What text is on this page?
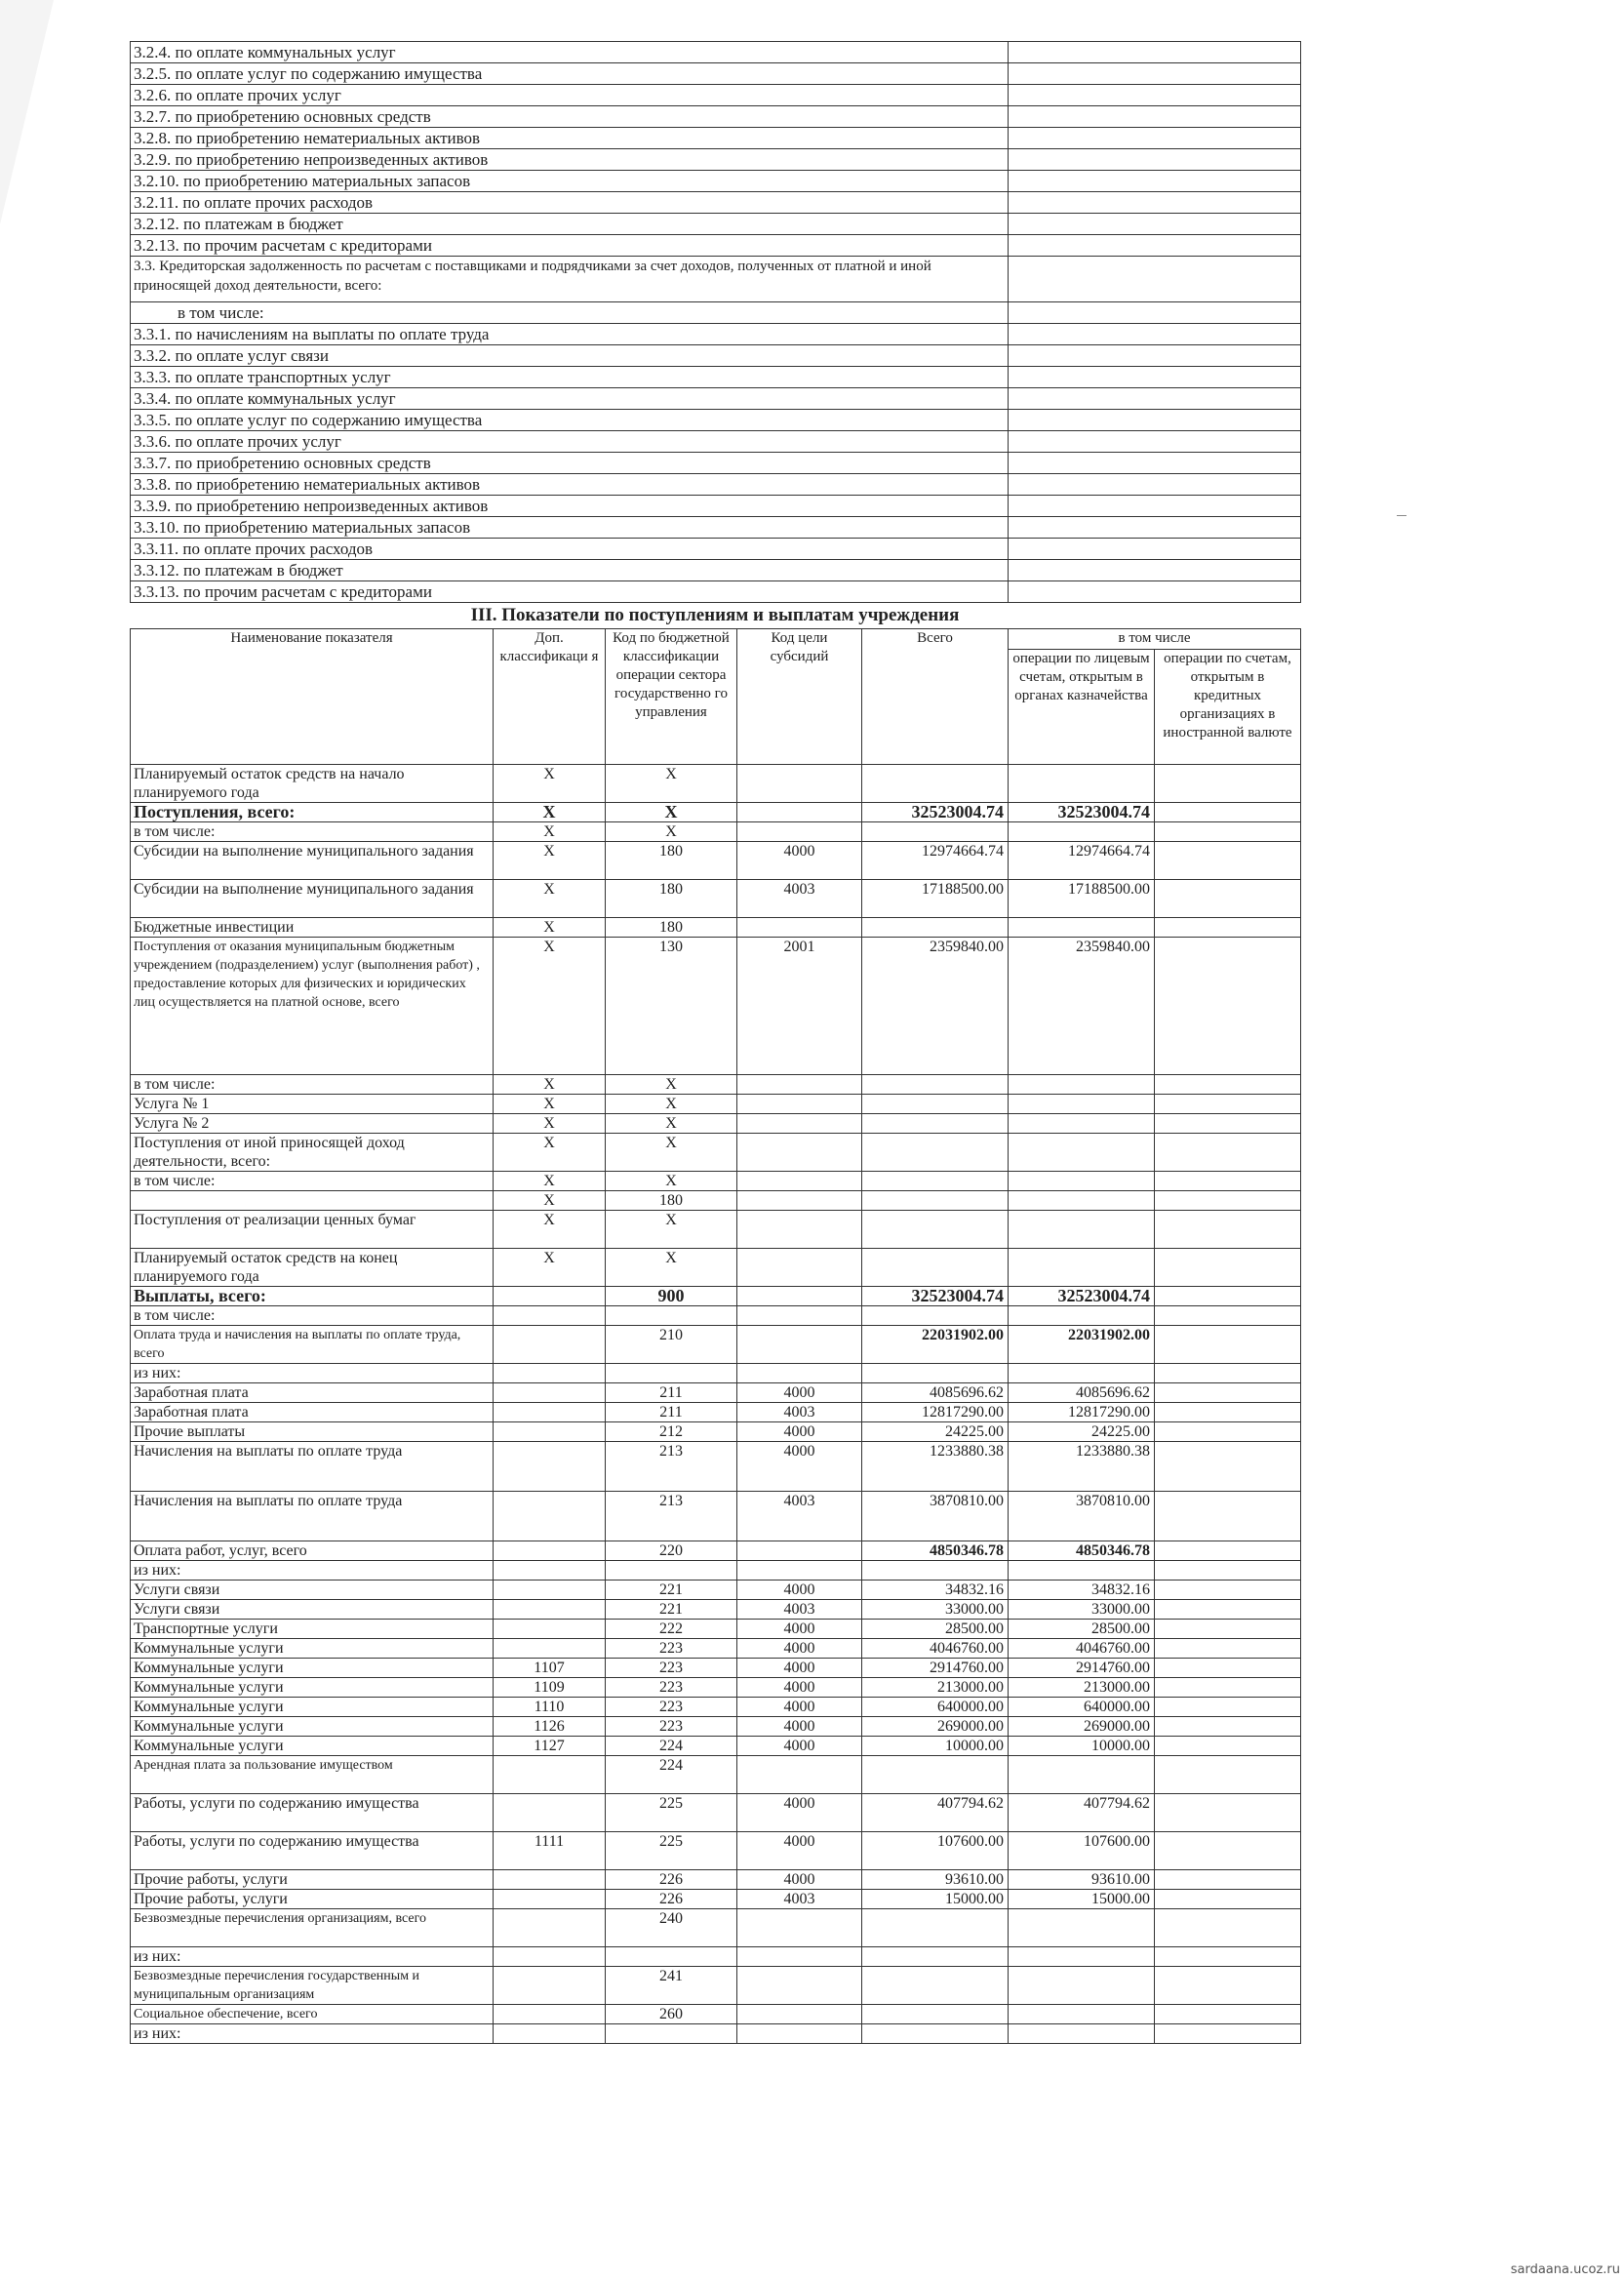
3.2.4. по оплате коммунальных услуг	
3.2.5. по оплате услуг по содержанию имущества	
3.2.6. по оплате прочих услуг	
3.2.7. по приобретению основных средств	
3.2.8. по приобретению нематериальных активов	
3.2.9. по приобретению непроизведенных активов	
3.2.10. по приобретению материальных запасов	
3.2.11. по оплате прочих расходов	
3.2.12. по платежам в бюджет	
3.2.13. по прочим расчетам с кредиторами	
3.3. Кредиторская задолженность по расчетам с поставщиками и подрядчиками за счет доходов, полученных от платной и иной приносящей доход деятельности, всего:	
в том числе:	
3.3.1. по начислениям на выплаты по оплате труда	
3.3.2. по оплате услуг связи	
3.3.3. по оплате транспортных услуг	
3.3.4. по оплате коммунальных услуг	
3.3.5. по оплате услуг по содержанию имущества	
3.3.6. по оплате прочих услуг	
3.3.7. по приобретению основных средств	
3.3.8. по приобретению нематериальных активов	
3.3.9. по приобретению непроизведенных активов	
3.3.10. по приобретению материальных запасов	
3.3.11. по оплате прочих расходов	
3.3.12. по платежам в бюджет	
3.3.13. по прочим расчетам с кредиторами	
III. Показатели по поступлениям и выплатам учреждения
Наименование показателя	Доп. классификаци я	Код по бюджетной классификации операции сектора государственно го управления	Код цели субсидий	Всего	в том числе	
					операции по лицевым счетам, открытым в органах казначейства	операции по счетам, открытым в кредитных организациях в иностранной валюте
Планируемый остаток средств на начало планируемого года	Х	Х				
Поступления, всего:	Х	Х		32523004.74	32523004.74	
в том числе:	Х	Х				
Субсидии на выполнение муниципального задания	Х	180	4000	12974664.74	12974664.74	
Субсидии на выполнение муниципального задания	Х	180	4003	17188500.00	17188500.00	
Бюджетные инвестиции	Х	180				
Поступления от оказания муниципальным бюджетным учреждением (подразделением) услуг (выполнения работ) , предоставление которых для физических и юридических лиц осуществляется на платной основе, всего	Х	130	2001	2359840.00	2359840.00	
в том числе:	Х	Х				
Услуга № 1	Х	Х				
Услуга № 2	Х	Х				
Поступления от иной приносящей доход деятельности, всего:	Х	Х				
в том числе:	Х	Х				
	Х	180				
Поступления от реализации ценных бумаг	Х	Х				
Планируемый остаток средств на конец планируемого года	Х	Х				
Выплаты, всего:		900		32523004.74	32523004.74	
в том числе:						
Оплата труда и начисления на выплаты по оплате труда, всего		210		22031902.00	22031902.00	
из них:						
Заработная плата		211	4000	4085696.62	4085696.62	
Заработная плата		211	4003	12817290.00	12817290.00	
Прочие выплаты		212	4000	24225.00	24225.00	
Начисления на выплаты по оплате труда		213	4000	1233880.38	1233880.38	
Начисления на выплаты по оплате труда		213	4003	3870810.00	3870810.00	
Оплата работ, услуг, всего		220		4850346.78	4850346.78	
из них:						
Услуги связи		221	4000	34832.16	34832.16	
Услуги связи		221	4003	33000.00	33000.00	
Транспортные услуги		222	4000	28500.00	28500.00	
Коммунальные услуги		223	4000	4046760.00	4046760.00	
Коммунальные услуги	1107	223	4000	2914760.00	2914760.00	
Коммунальные услуги	1109	223	4000	213000.00	213000.00	
Коммунальные услуги	1110	223	4000	640000.00	640000.00	
Коммунальные услуги	1126	223	4000	269000.00	269000.00	
Коммунальные услуги	1127	224	4000	10000.00	10000.00	
Арендная плата за пользование имуществом		224				
Работы, услуги по содержанию имущества		225	4000	407794.62	407794.62	
Работы, услуги по содержанию имущества	1111	225	4000	107600.00	107600.00	
Прочие работы, услуги		226	4000	93610.00	93610.00	
Прочие работы, услуги		226	4003	15000.00	15000.00	
Безвозмездные перечисления организациям, всего		240				
из них:						
Безвозмездные перечисления государственным и муниципальным организациям		241				
Социальное обеспечение, всего		260				
из них:						
sardaana.ucoz.ru
